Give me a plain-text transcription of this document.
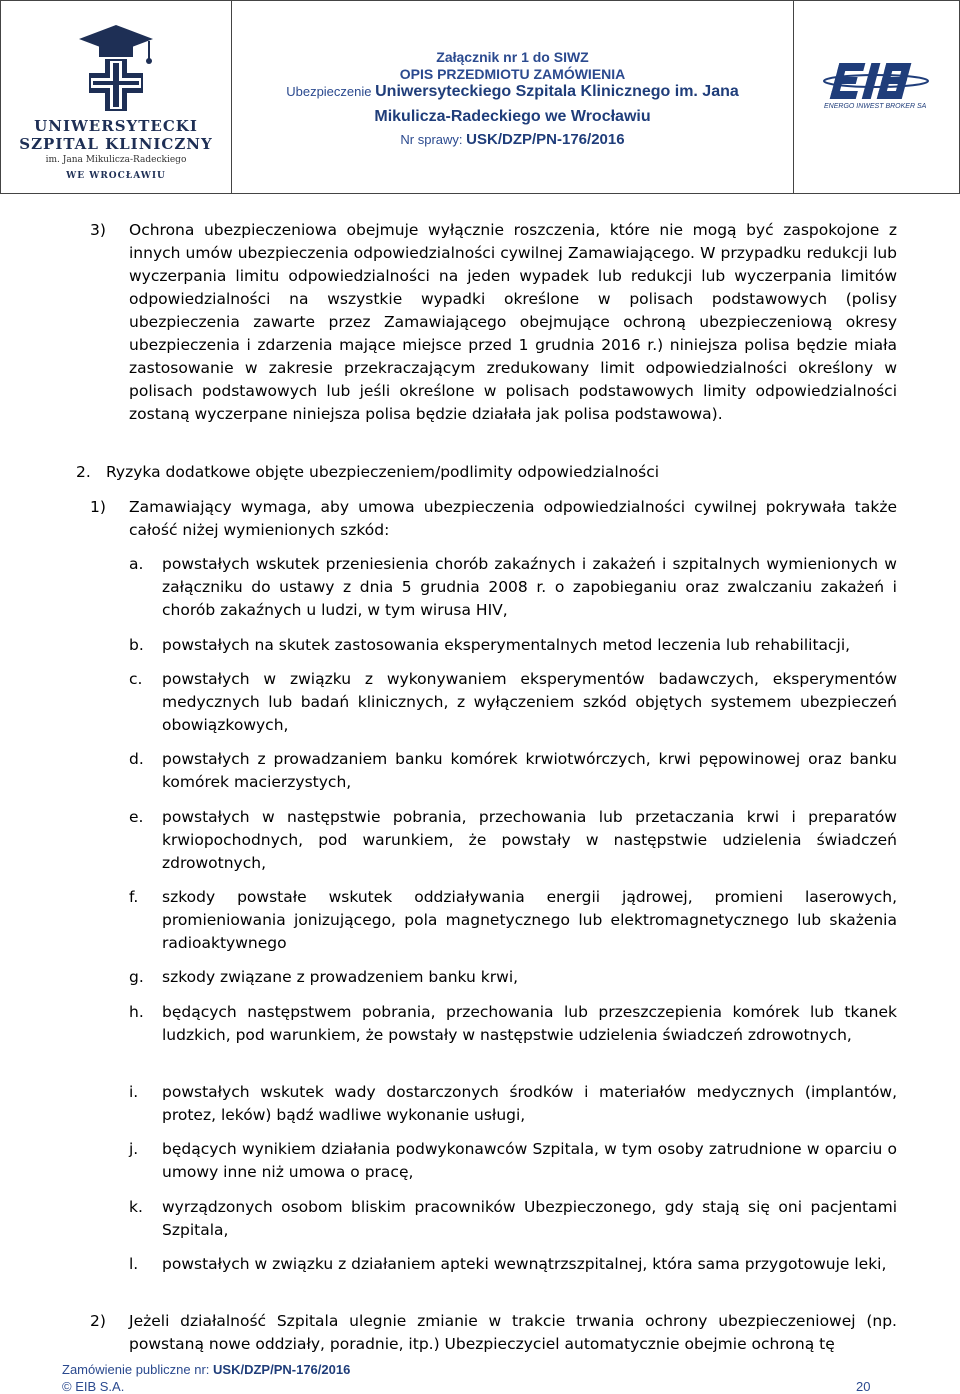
UNIWERSYTECKI
SZPITAL KLINICZNY
im. Jana Mikulicza-Radeckiego
WE WROCŁAWIU
Załącznik nr 1 do SIWZ
OPIS PRZEDMIOTU ZAMÓWIENIA
Ubezpieczenie Uniwersyteckiego Szpitala Klinicznego im. Jana
Mikulicza-Radeckiego we Wrocławiu
Nr sprawy: USK/DZP/PN-176/2016
ENERGO INWEST BROKER SA
3) Ochrona ubezpieczeniowa obejmuje wyłącznie roszczenia, które nie mogą być zaspokojone z innych umów ubezpieczenia odpowiedzialności cywilnej Zamawiającego. W przypadku redukcji lub wyczerpania limitu odpowiedzialności na jeden wypadek lub redukcji lub wyczerpania limitów odpowiedzialności na wszystkie wypadki określone w polisach podstawowych (polisy ubezpieczenia zawarte przez Zamawiającego obejmujące ochroną ubezpieczeniową okresy ubezpieczenia i zdarzenia mające miejsce przed 1 grudnia 2016 r.) niniejsza polisa będzie miała zastosowanie w zakresie przekraczającym zredukowany limit odpowiedzialności określony w polisach podstawowych lub jeśli określone w polisach podstawowych limity odpowiedzialności zostaną wyczerpane niniejsza polisa będzie działała jak polisa podstawowa).
2. Ryzyka dodatkowe objęte ubezpieczeniem/podlimity odpowiedzialności
1) Zamawiający wymaga, aby umowa ubezpieczenia odpowiedzialności cywilnej pokrywała także całość niżej wymienionych szkód:
a. powstałych wskutek przeniesienia chorób zakaźnych i zakażeń i szpitalnych wymienionych w załączniku do ustawy z dnia 5 grudnia 2008 r. o zapobieganiu oraz zwalczaniu zakażeń i chorób zakaźnych u ludzi, w tym wirusa HIV,
b. powstałych na skutek zastosowania eksperymentalnych metod leczenia lub rehabilitacji,
c. powstałych w związku z wykonywaniem eksperymentów badawczych, eksperymentów medycznych lub badań klinicznych, z wyłączeniem szkód objętych systemem ubezpieczeń obowiązkowych,
d. powstałych z prowadzaniem banku komórek krwiotwórczych, krwi pępowinowej oraz banku komórek macierzystych,
e. powstałych w następstwie pobrania, przechowania lub przetaczania krwi i preparatów krwiopochodnych, pod warunkiem, że powstały w następstwie udzielenia świadczeń zdrowotnych,
f. szkody powstałe wskutek oddziaływania energii jądrowej, promieni laserowych, promieniowania jonizującego, pola magnetycznego lub elektromagnetycznego lub skażenia radioaktywnego
g. szkody związane z prowadzeniem banku krwi,
h. będących następstwem pobrania, przechowania lub przeszczepienia komórek lub tkanek ludzkich, pod warunkiem, że powstały w następstwie udzielenia świadczeń zdrowotnych,
i. powstałych wskutek wady dostarczonych środków i materiałów medycznych (implantów, protez, leków) bądź wadliwe wykonanie usługi,
j. będących wynikiem działania podwykonawców Szpitala, w tym osoby zatrudnione w oparciu o umowy inne niż umowa o pracę,
k. wyrządzonych osobom bliskim pracowników Ubezpieczonego, gdy stają się oni pacjentami Szpitala,
l. powstałych w związku z działaniem apteki wewnątrzszpitalnej, która sama przygotowuje leki,
2) Jeżeli działalność Szpitala ulegnie zmianie w trakcie trwania ochrony ubezpieczeniowej (np. powstaną nowe oddziały, poradnie, itp.) Ubezpieczyciel automatycznie obejmie ochroną tę
Zamówienie publiczne nr: USK/DZP/PN-176/2016
© EIB S.A.	20
